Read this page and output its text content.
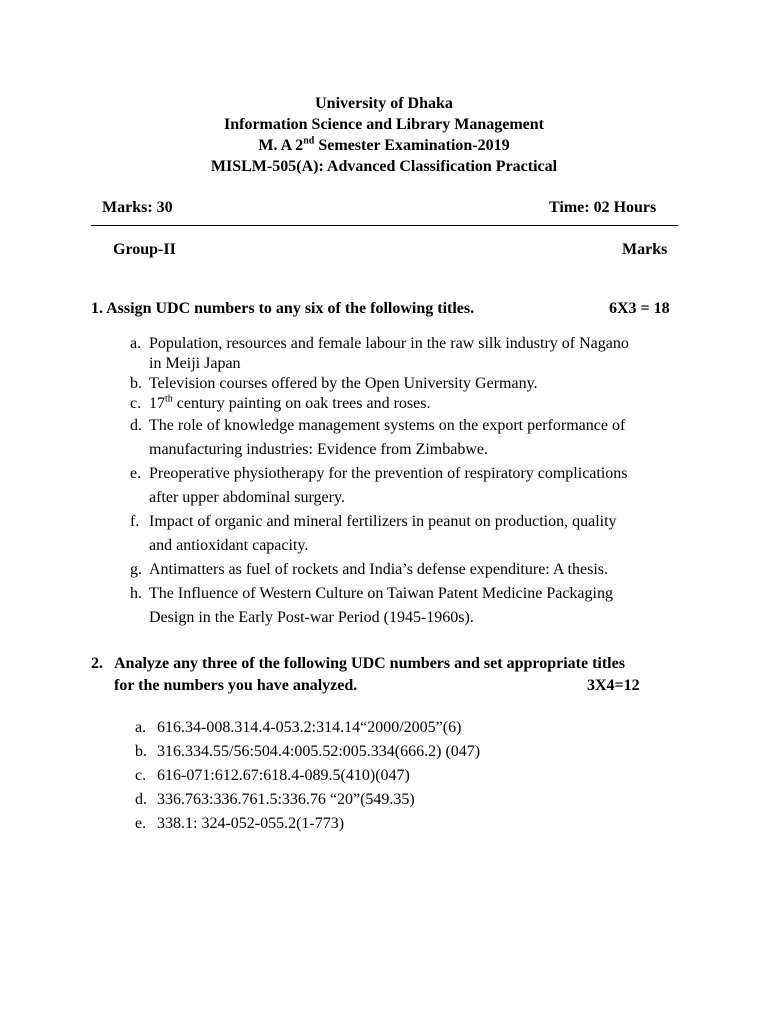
University of Dhaka
Information Science and Library Management
M. A 2nd Semester Examination-2019
MISLM-505(A): Advanced Classification Practical
Marks: 30	Time: 02 Hours
Group-II	Marks
1. Assign UDC numbers to any six of the following titles.	6X3 = 18
a. Population, resources and female labour in the raw silk industry of Nagano
in Meiji Japan
b. Television courses offered by the Open University Germany.
c. 17th century painting on oak trees and roses.
d. The role of knowledge management systems on the export performance of
manufacturing industries: Evidence from Zimbabwe.
e. Preoperative physiotherapy for the prevention of respiratory complications
after upper abdominal surgery.
f. Impact of organic and mineral fertilizers in peanut on production, quality
and antioxidant capacity.
g. Antimatters as fuel of rockets and India’s defense expenditure: A thesis.
h. The Influence of Western Culture on Taiwan Patent Medicine Packaging
Design in the Early Post-war Period (1945-1960s).
2. Analyze any three of the following UDC numbers and set appropriate titles
for the numbers you have analyzed.	3X4=12
a. 616.34-008.314.4-053.2:314.14“2000/2005”(6)
b. 316.334.55/56:504.4:005.52:005.334(666.2) (047)
c. 616-071:612.67:618.4-089.5(410)(047)
d. 336.763:336.761.5:336.76 “20”(549.35)
e. 338.1: 324-052-055.2(1-773)
